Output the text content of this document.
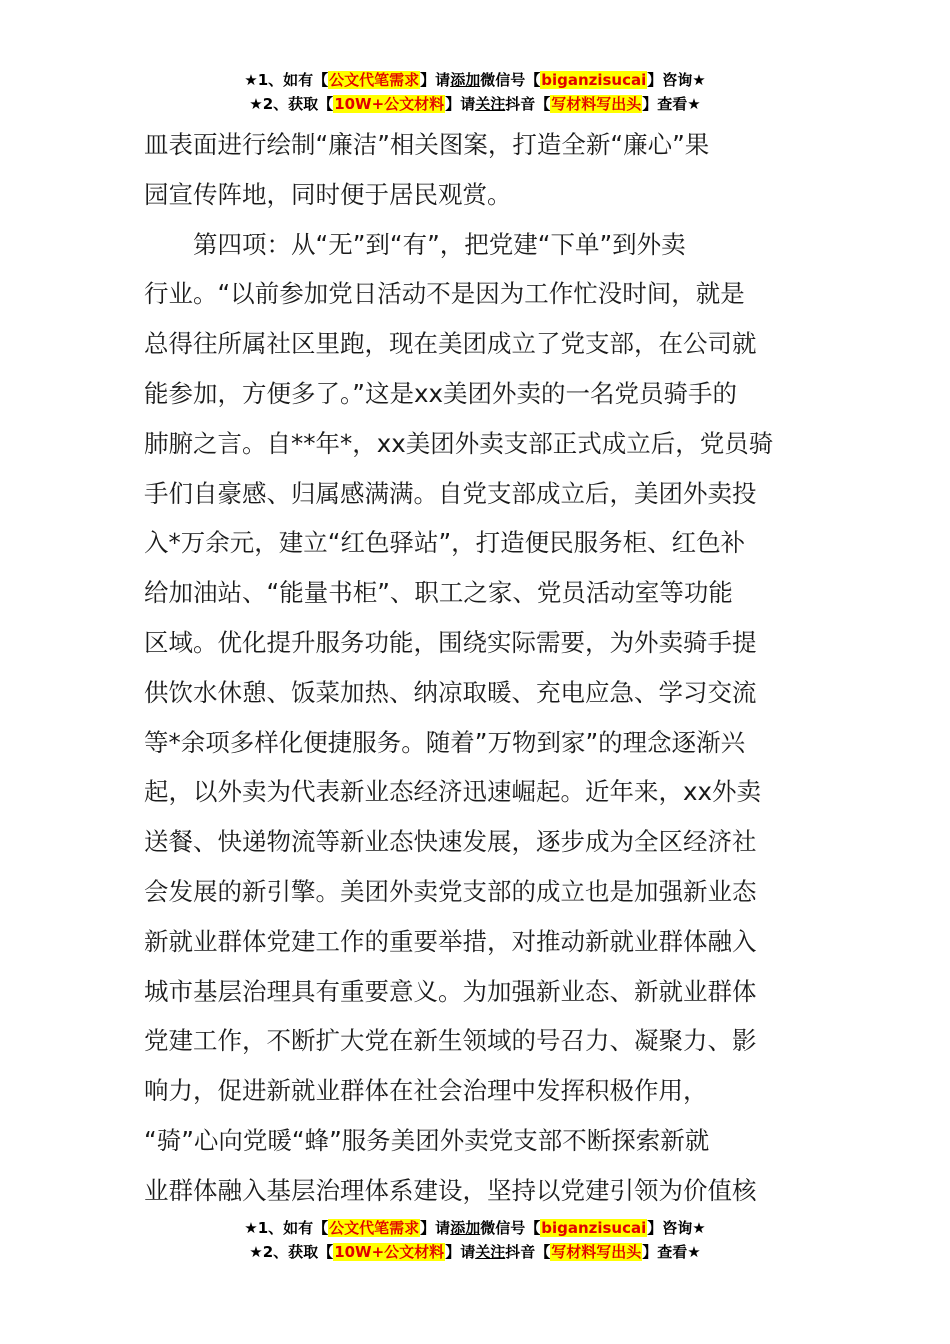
★1、如有【公文代笔需求】请添加微信号【biganzisucai】咨询★
★2、获取【10W+公文材料】请关注抖音【写材料写出头】查看★
皿表面进行绘制“廉洁”相关图案，打造全新“廉心”果
园宣传阵地，同时便于居民观赏。
　　第四项：从“无”到“有”，把党建“下单”到外卖
行业。“以前参加党日活动不是因为工作忙没时间，就是
总得往所属社区里跑，现在美团成立了党支部，在公司就
能参加，方便多了。”这是xx美团外卖的一名党员骑手的
肺腑之言。自**年*，xx美团外卖支部正式成立后，党员骑
手们自豪感、归属感满满。自党支部成立后，美团外卖投
入*万余元，建立“红色驿站”，打造便民服务柜、红色补
给加油站、“能量书柜”、职工之家、党员活动室等功能
区域。优化提升服务功能，围绕实际需要，为外卖骑手提
供饮水休憩、饭菜加热、纳凉取暖、充电应急、学习交流
等*余项多样化便捷服务。随着”万物到家”的理念逐渐兴
起，以外卖为代表新业态经济迅速崛起。近年来，xx外卖
送餐、快递物流等新业态快速发展，逐步成为全区经济社
会发展的新引擎。美团外卖党支部的成立也是加强新业态
新就业群体党建工作的重要举措，对推动新就业群体融入
城市基层治理具有重要意义。为加强新业态、新就业群体
党建工作，不断扩大党在新生领域的号召力、凝聚力、影
响力，促进新就业群体在社会治理中发挥积极作用，
“骑”心向党暖“蜂”服务美团外卖党支部不断探索新就
业群体融入基层治理体系建设，坚持以党建引领为价值核
★1、如有【公文代笔需求】请添加微信号【biganzisucai】咨询★
★2、获取【10W+公文材料】请关注抖音【写材料写出头】查看★
